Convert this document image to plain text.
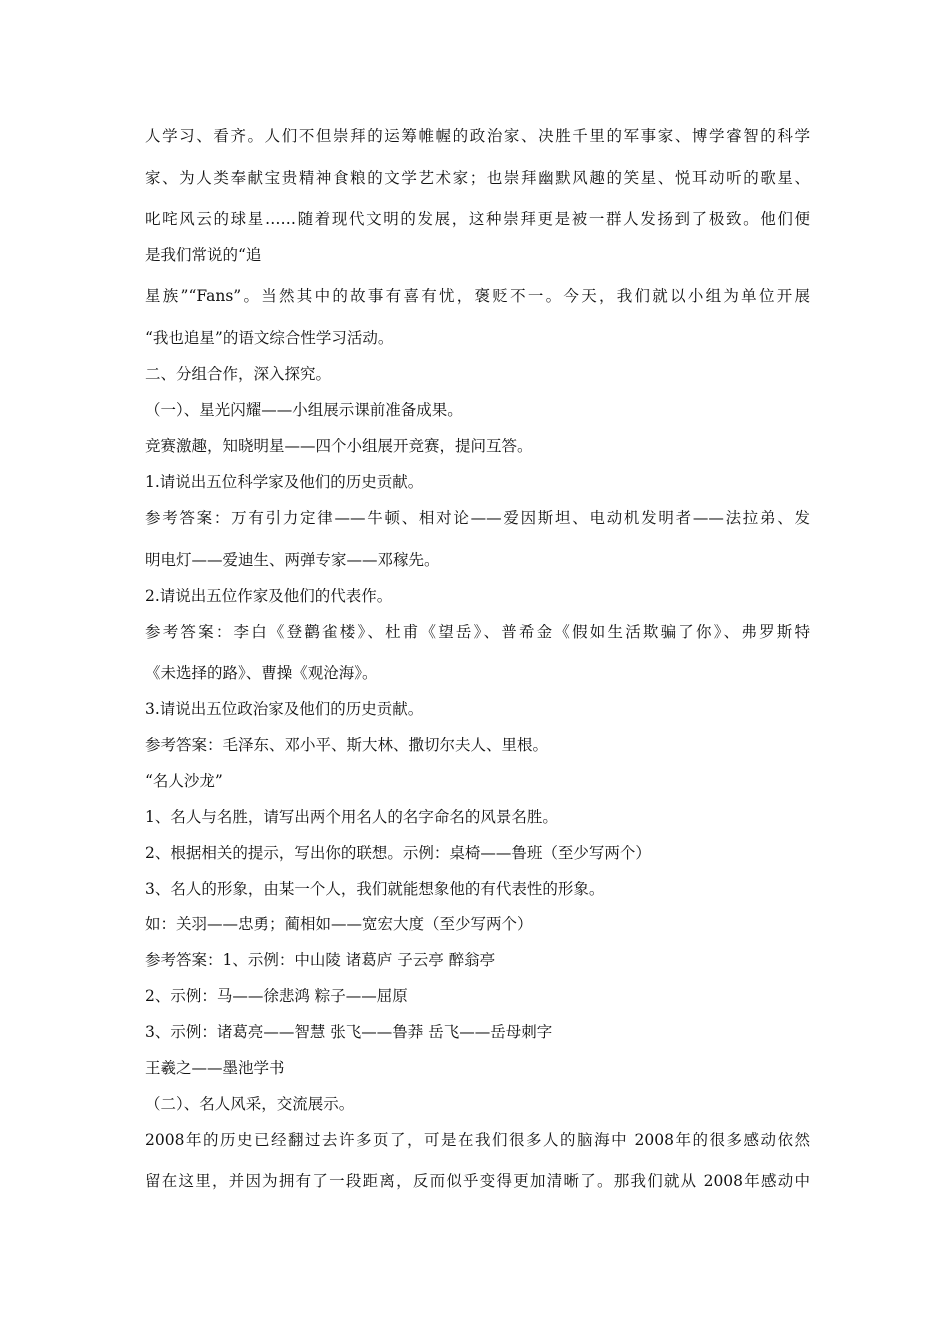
人学习、看齐。人们不但崇拜的运筹帷幄的政治家、决胜千里的军事家、博学睿智的科学
家、为人类奉献宝贵精神食粮的文学艺术家；也崇拜幽默风趣的笑星、悦耳动听的歌星、
叱咤风云的球星……随着现代文明的发展，这种崇拜更是被一群人发扬到了极致。他们便
是我们常说的“追
星族”“Fans”。当然其中的故事有喜有忧，褒贬不一。今天，我们就以小组为单位开展
“我也追星”的语文综合性学习活动。
二、分组合作，深入探究。
（一）、星光闪耀——小组展示课前准备成果。
竞赛激趣，知晓明星——四个小组展开竞赛，提问互答。
1.请说出五位科学家及他们的历史贡献。
参考答案：万有引力定律——牛顿、相对论——爱因斯坦、电动机发明者——法拉弟、发
明电灯——爱迪生、两弹专家——邓稼先。
2.请说出五位作家及他们的代表作。
参考答案：李白《登鹳雀楼》、杜甫《望岳》、普希金《假如生活欺骗了你》、弗罗斯特
《未选择的路》、曹操《观沧海》。
3.请说出五位政治家及他们的历史贡献。
参考答案：毛泽东、邓小平、斯大林、撒切尔夫人、里根。
“名人沙龙”
1、名人与名胜，请写出两个用名人的名字命名的风景名胜。
2、根据相关的提示，写出你的联想。示例：桌椅——鲁班（至少写两个）
3、名人的形象，由某一个人，我们就能想象他的有代表性的形象。
如：关羽——忠勇；蔺相如——宽宏大度（至少写两个）
参考答案：1、示例：中山陵 诸葛庐 子云亭 醉翁亭
2、示例：马——徐悲鸿 粽子——屈原
3、示例：诸葛亮——智慧 张飞——鲁莽 岳飞——岳母刺字
王羲之——墨池学书
（二）、名人风采，交流展示。
2008年的历史已经翻过去许多页了，可是在我们很多人的脑海中 2008年的很多感动依然
留在这里，并因为拥有了一段距离，反而似乎变得更加清晰了。那我们就从 2008年感动中
